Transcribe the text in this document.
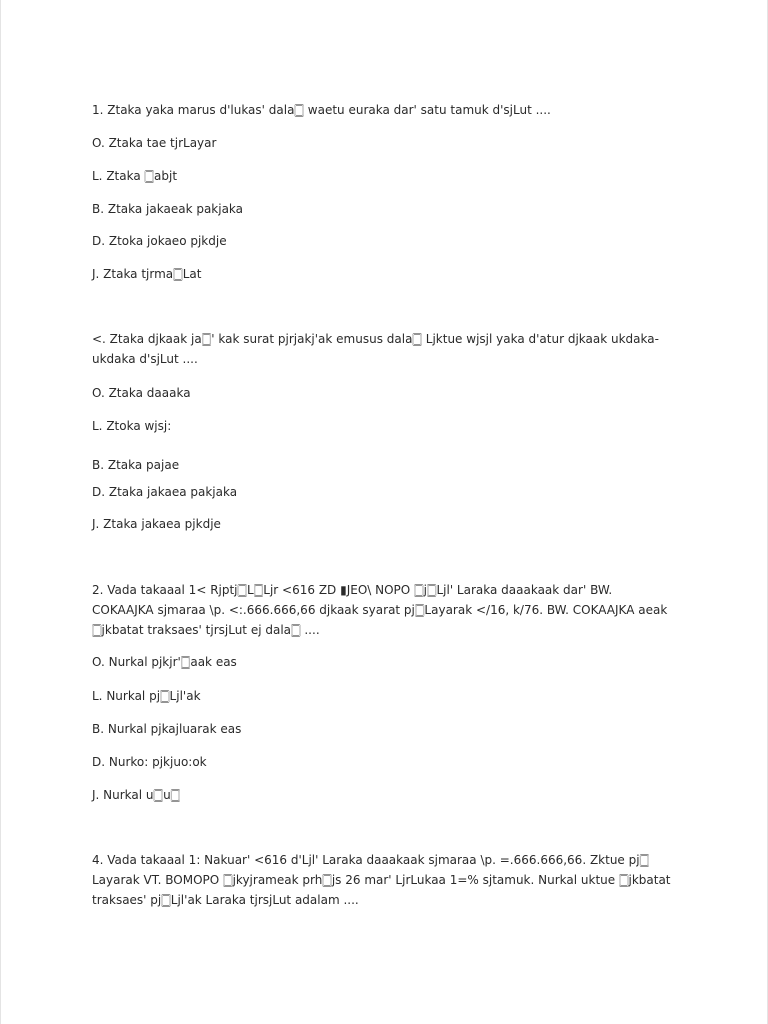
1. Ztaka yaka marus d'lukas' dala🀆 waetu euraka dar' satu tamuk d'sjLut ....
O. Ztaka tae tjrLayar
L. Ztaka 🀆abjt
B. Ztaka jakaeak pakjaka
D. Ztoka jokaeo pjkdje
J. Ztaka tjrma🀆Lat
<. Ztaka djkaak ja🀆' kak surat pjrjakj'ak emusus dala🀆 Ljktue wjsjl yaka d'atur djkaak ukdaka-ukdaka d'sjLut ....
O. Ztaka daaaka
L. Ztoka wjsj:
B. Ztaka pajae
D. Ztaka jakaea pakjaka
J. Ztaka jakaea pjkdje
2. Vada takaaal 1< Rjptj🀆L🀆Ljr <616 ZD ▮JEO\ NOPO 🀆j🀆Ljl' Laraka daaakaak dar' BW. COKAAJKA sjmaraa \p. <:.666.666,66 djkaak syarat pj🀆Layarak </16, k/76. BW. COKAAJKA aeak 🀆jkbatat traksaes' tjrsjLut ej dala🀆 ....
O. Nurkal pjkjr'🀆aak eas
L. Nurkal pj🀆Ljl'ak
B. Nurkal pjkajluarak eas
D. Nurko: pjkjuo:ok
J. Nurkal u🀆u🀆
4. Vada takaaal 1: Nakuar' <616 d'Ljl' Laraka daaakaak sjmaraa \p. =.666.666,66. Zktue pj🀆Layarak VT. BOMOPO 🀆jkyjrameak prh🀆js 26 mar' LjrLukaa 1=% sjtamuk. Nurkal uktue 🀆jkbatat traksaes' pj🀆Ljl'ak Laraka tjrsjLut adalam ....
